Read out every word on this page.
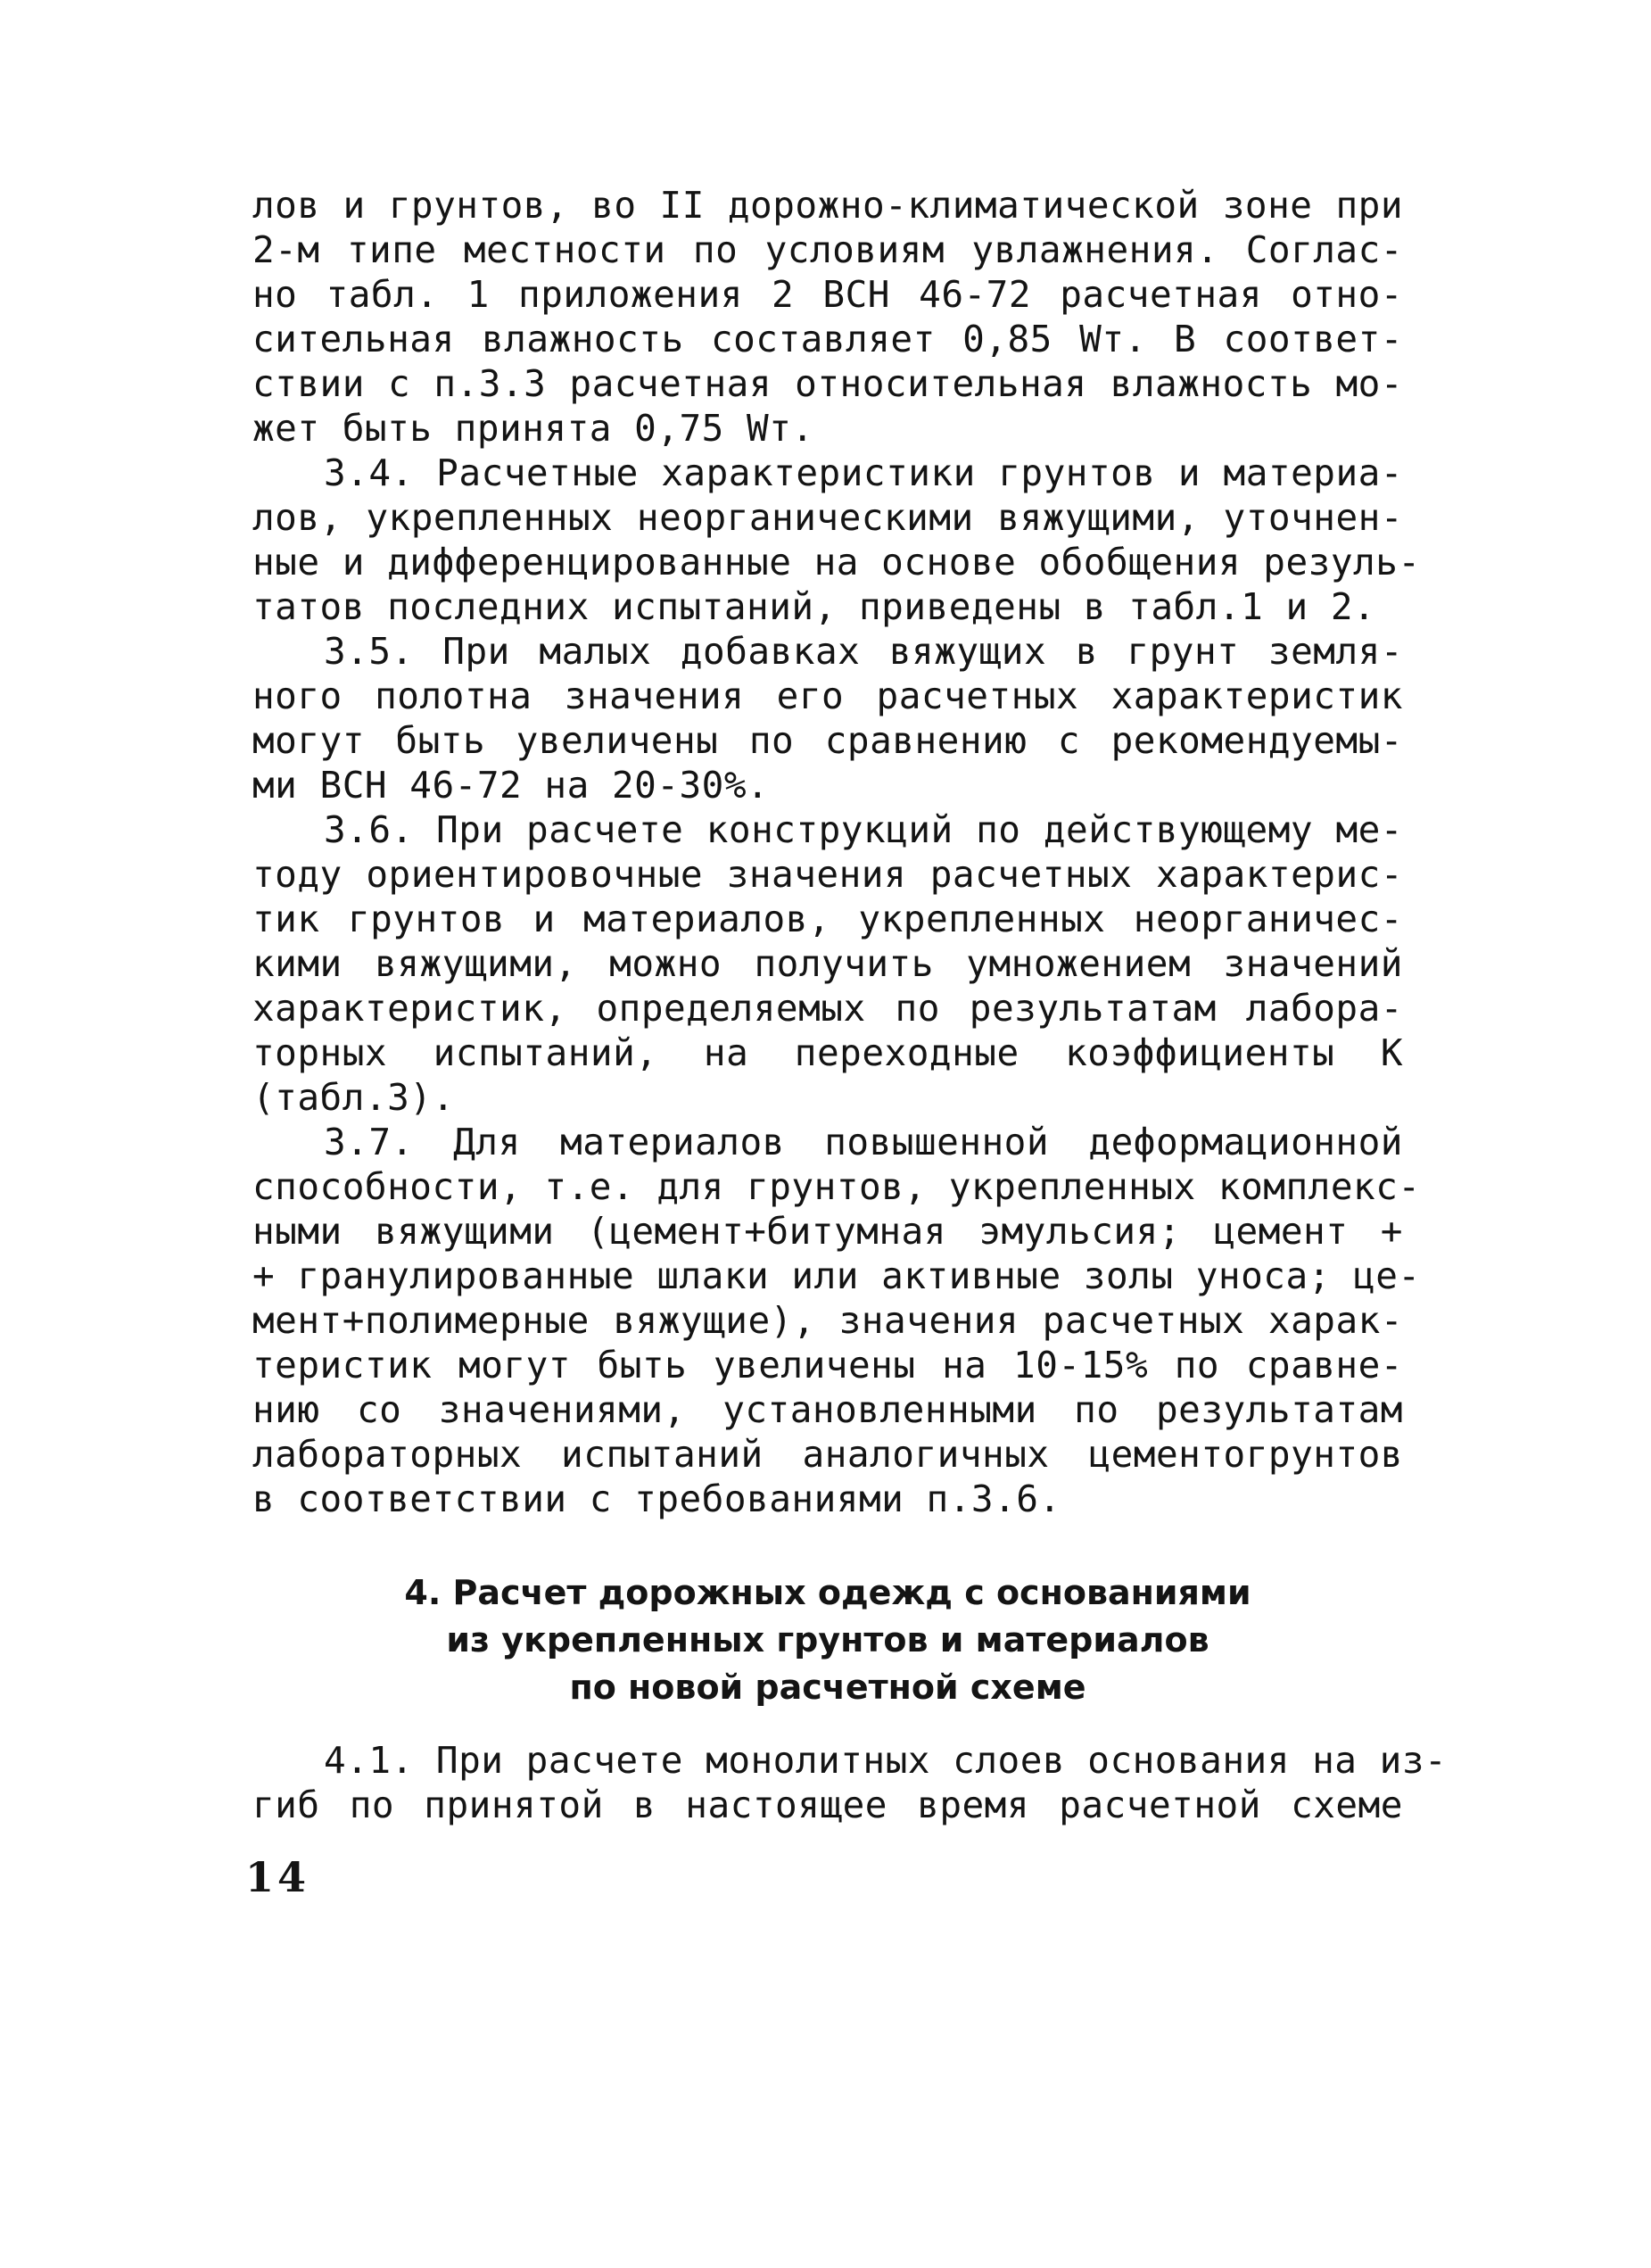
лов и грунтов, во II дорожно-климатической зоне при
2-м типе местности по условиям увлажнения. Соглас-
но табл. 1 приложения 2 ВСН 46-72 расчетная отно-
сительная влажность составляет 0,85 Wт. В соответ-
ствии с п.3.3 расчетная относительная влажность мо-
жет быть принята 0,75 Wт.
3.4. Расчетные характеристики грунтов и материа-
лов, укрепленных неорганическими вяжущими, уточнен-
ные и дифференцированные на основе обобщения резуль-
татов последних испытаний, приведены в табл.1 и 2.
3.5. При малых добавках вяжущих в грунт земля-
ного полотна значения его расчетных характеристик
могут быть увеличены по сравнению с рекомендуемы-
ми ВСН 46-72 на 20-30%.
3.6. При расчете конструкций по действующему ме-
тоду ориентировочные значения расчетных характерис-
тик грунтов и материалов, укрепленных неорганичес-
кими вяжущими, можно получить умножением значений
характеристик, определяемых по результатам лабора-
торных испытаний, на переходные коэффициенты К
(табл.3).
3.7. Для материалов повышенной деформационной
способности, т.е. для грунтов, укрепленных комплекс-
ными вяжущими (цемент+битумная эмульсия; цемент +
+ гранулированные шлаки или активные золы уноса; це-
мент+полимерные вяжущие), значения расчетных харак-
теристик могут быть увеличены на 10-15% по сравне-
нию со значениями, установленными по результатам
лабораторных испытаний аналогичных цементогрунтов
в соответствии с требованиями п.3.6.
4. Расчет дорожных одежд с основаниями
из укрепленных грунтов и материалов
по новой расчетной схеме
4.1. При расчете монолитных слоев основания на из-
гиб по принятой в настоящее время расчетной схеме
14
